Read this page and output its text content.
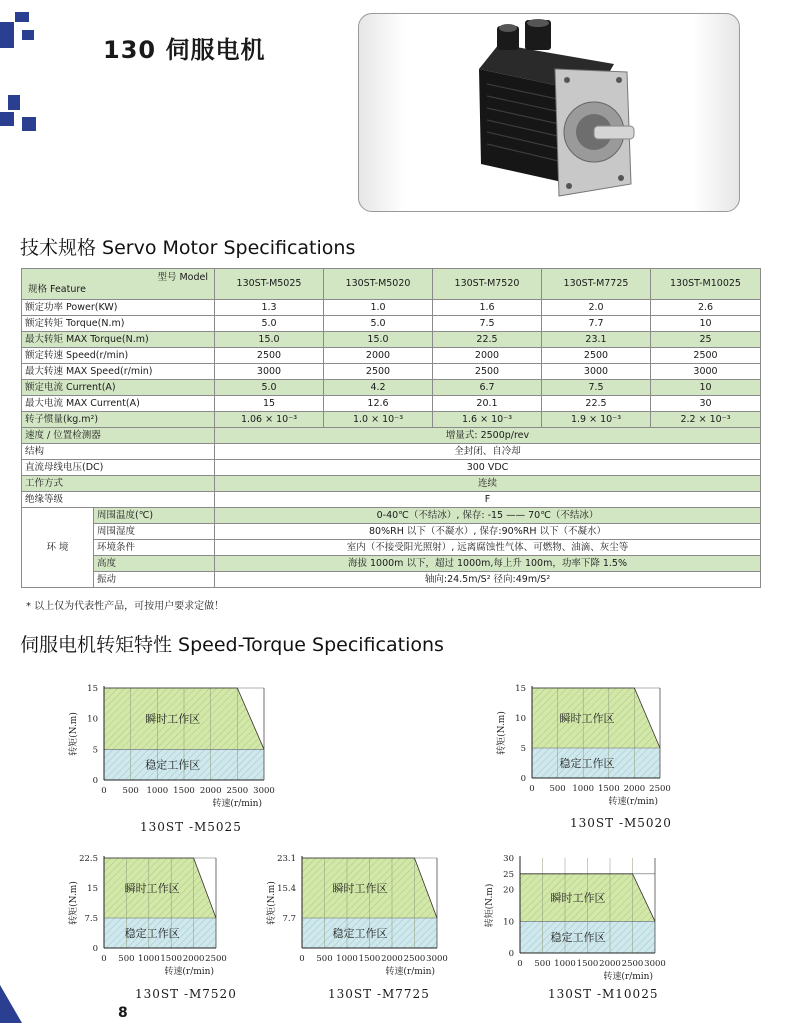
130 伺服电机
技术规格 Servo Motor Specifications
型号 Model
规格 Feature		130ST-M5025	130ST-M5020	130ST-M7520	130ST-M7725	130ST-M10025
额定功率 Power(KW)		1.3	1.0	1.6	2.0	2.6
额定转矩 Torque(N.m)		5.0	5.0	7.5	7.7	10
最大转矩 MAX Torque(N.m)		15.0	15.0	22.5	23.1	25
额定转速 Speed(r/min)		2500	2000	2000	2500	2500
最大转速 MAX Speed(r/min)		3000	2500	2500	3000	3000
额定电流 Current(A)		5.0	4.2	6.7	7.5	10
最大电流 MAX Current(A)		15	12.6	20.1	22.5	30
转子惯量(kg.m²)		1.06 × 10⁻³	1.0 × 10⁻³	1.6 × 10⁻³	1.9 × 10⁻³	2.2 × 10⁻³
速度 / 位置检测器		增量式: 2500p/rev				
结构		全封闭、自冷却				
直流母线电压(DC)		300 VDC				
工作方式		连续				
绝缘等级		F				
环 境	周围温度(℃)	0-40℃（不结冰）, 保存: -15 —— 70℃（不结冰）				
	周围湿度	80%RH 以下（不凝水）, 保存:90%RH 以下（不凝水）				
	环境条件	室内（不接受阳光照射）, 远离腐蚀性气体、可燃物、油滴、灰尘等				
	高度	海拔 1000m 以下，超过 1000m,每上升 100m，功率下降 1.5%				
	振动	轴向:24.5m/S² 径向:49m/S²				
* 以上仅为代表性产品，可按用户要求定做！
伺服电机转矩特性 Speed-Torque Specifications
0 500 1000 1500 2000 2500 3000
0
5
10
15
转矩(N.m)
转速(r/min)
瞬时工作区
稳定工作区
130ST -M5025
0 500 1000 1500 2000 2500
0
5
10
15
转矩(N.m)
转速(r/min)
瞬时工作区
稳定工作区
130ST -M5020
0 500 1000 1500 2000 2500
0
7.5
15
22.5
转矩(N.m)
转速(r/min)
瞬时工作区
稳定工作区
130ST -M7520
0 500 1000 1500 2000 2500 3000
7.7
15.4
23.1
转矩(N.m)
转速(r/min)
瞬时工作区
稳定工作区
130ST -M7725
0 500 1000 1500 2000 2500 3000
0
10
20
25
30
转矩(N.m)
转速(r/min)
瞬时工作区
稳定工作区
130ST -M10025
8
